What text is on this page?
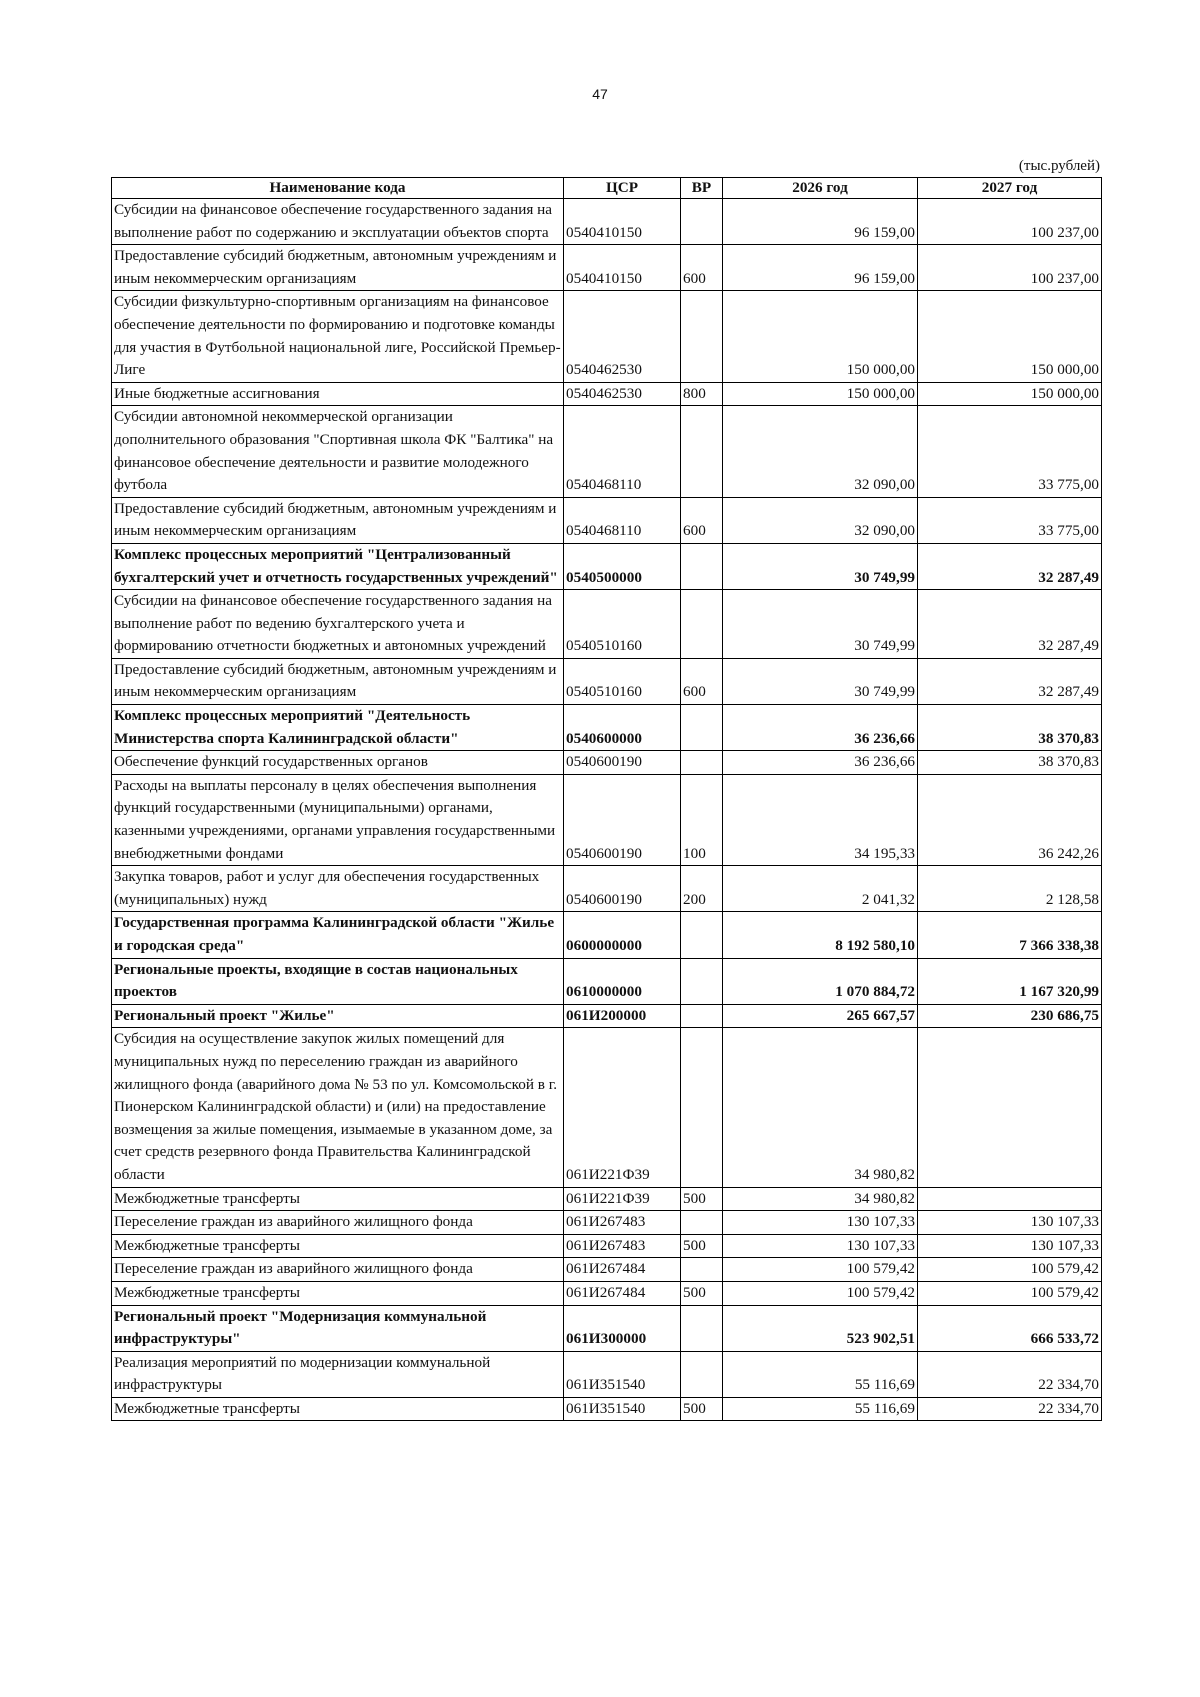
47
(тыс.рублей)
Наименование кода	ЦСР	ВР	2026 год	2027 год
Субсидии на финансовое обеспечение государственного задания на выполнение работ по содержанию и эксплуатации объектов спорта	0540410150		96 159,00	100 237,00
Предоставление субсидий бюджетным, автономным учреждениям и иным некоммерческим организациям	0540410150	600	96 159,00	100 237,00
Субсидии физкультурно-спортивным организациям на финансовое обеспечение деятельности по формированию и подготовке команды для участия в Футбольной национальной лиге, Российской Премьер-Лиге	0540462530		150 000,00	150 000,00
Иные бюджетные ассигнования	0540462530	800	150 000,00	150 000,00
Субсидии автономной некоммерческой организации дополнительного образования "Спортивная школа ФК "Балтика" на финансовое обеспечение деятельности и развитие молодежного футбола	0540468110		32 090,00	33 775,00
Предоставление субсидий бюджетным, автономным учреждениям и иным некоммерческим организациям	0540468110	600	32 090,00	33 775,00
Комплекс процессных мероприятий "Централизованный бухгалтерский учет и отчетность государственных учреждений"	0540500000		30 749,99	32 287,49
Субсидии на финансовое обеспечение государственного задания на выполнение работ по ведению бухгалтерского учета и формированию отчетности бюджетных и автономных учреждений	0540510160		30 749,99	32 287,49
Предоставление субсидий бюджетным, автономным учреждениям и иным некоммерческим организациям	0540510160	600	30 749,99	32 287,49
Комплекс процессных мероприятий "Деятельность Министерства спорта Калининградской области"	0540600000		36 236,66	38 370,83
Обеспечение функций государственных органов	0540600190		36 236,66	38 370,83
Расходы на выплаты персоналу в целях обеспечения выполнения функций государственными (муниципальными) органами, казенными учреждениями, органами управления государственными внебюджетными фондами	0540600190	100	34 195,33	36 242,26
Закупка товаров, работ и услуг для обеспечения государственных (муниципальных) нужд	0540600190	200	2 041,32	2 128,58
Государственная программа Калининградской области "Жилье и городская среда"	0600000000		8 192 580,10	7 366 338,38
Региональные проекты, входящие в состав национальных проектов	0610000000		1 070 884,72	1 167 320,99
Региональный проект "Жилье"	061И200000		265 667,57	230 686,75
Субсидия на осуществление закупок жилых помещений для муниципальных нужд по переселению граждан из аварийного жилищного фонда (аварийного дома № 53 по ул. Комсомольской в г. Пионерском Калининградской области) и (или) на предоставление возмещения за жилые помещения, изымаемые в указанном доме, за счет средств резервного фонда Правительства Калининградской области	061И221Ф39		34 980,82	
Межбюджетные трансферты	061И221Ф39	500	34 980,82	
Переселение граждан из аварийного жилищного фонда	061И267483		130 107,33	130 107,33
Межбюджетные трансферты	061И267483	500	130 107,33	130 107,33
Переселение граждан из аварийного жилищного фонда	061И267484		100 579,42	100 579,42
Межбюджетные трансферты	061И267484	500	100 579,42	100 579,42
Региональный проект "Модернизация коммунальной инфраструктуры"	061И300000		523 902,51	666 533,72
Реализация мероприятий по модернизации коммунальной инфраструктуры	061И351540		55 116,69	22 334,70
Межбюджетные трансферты	061И351540	500	55 116,69	22 334,70
